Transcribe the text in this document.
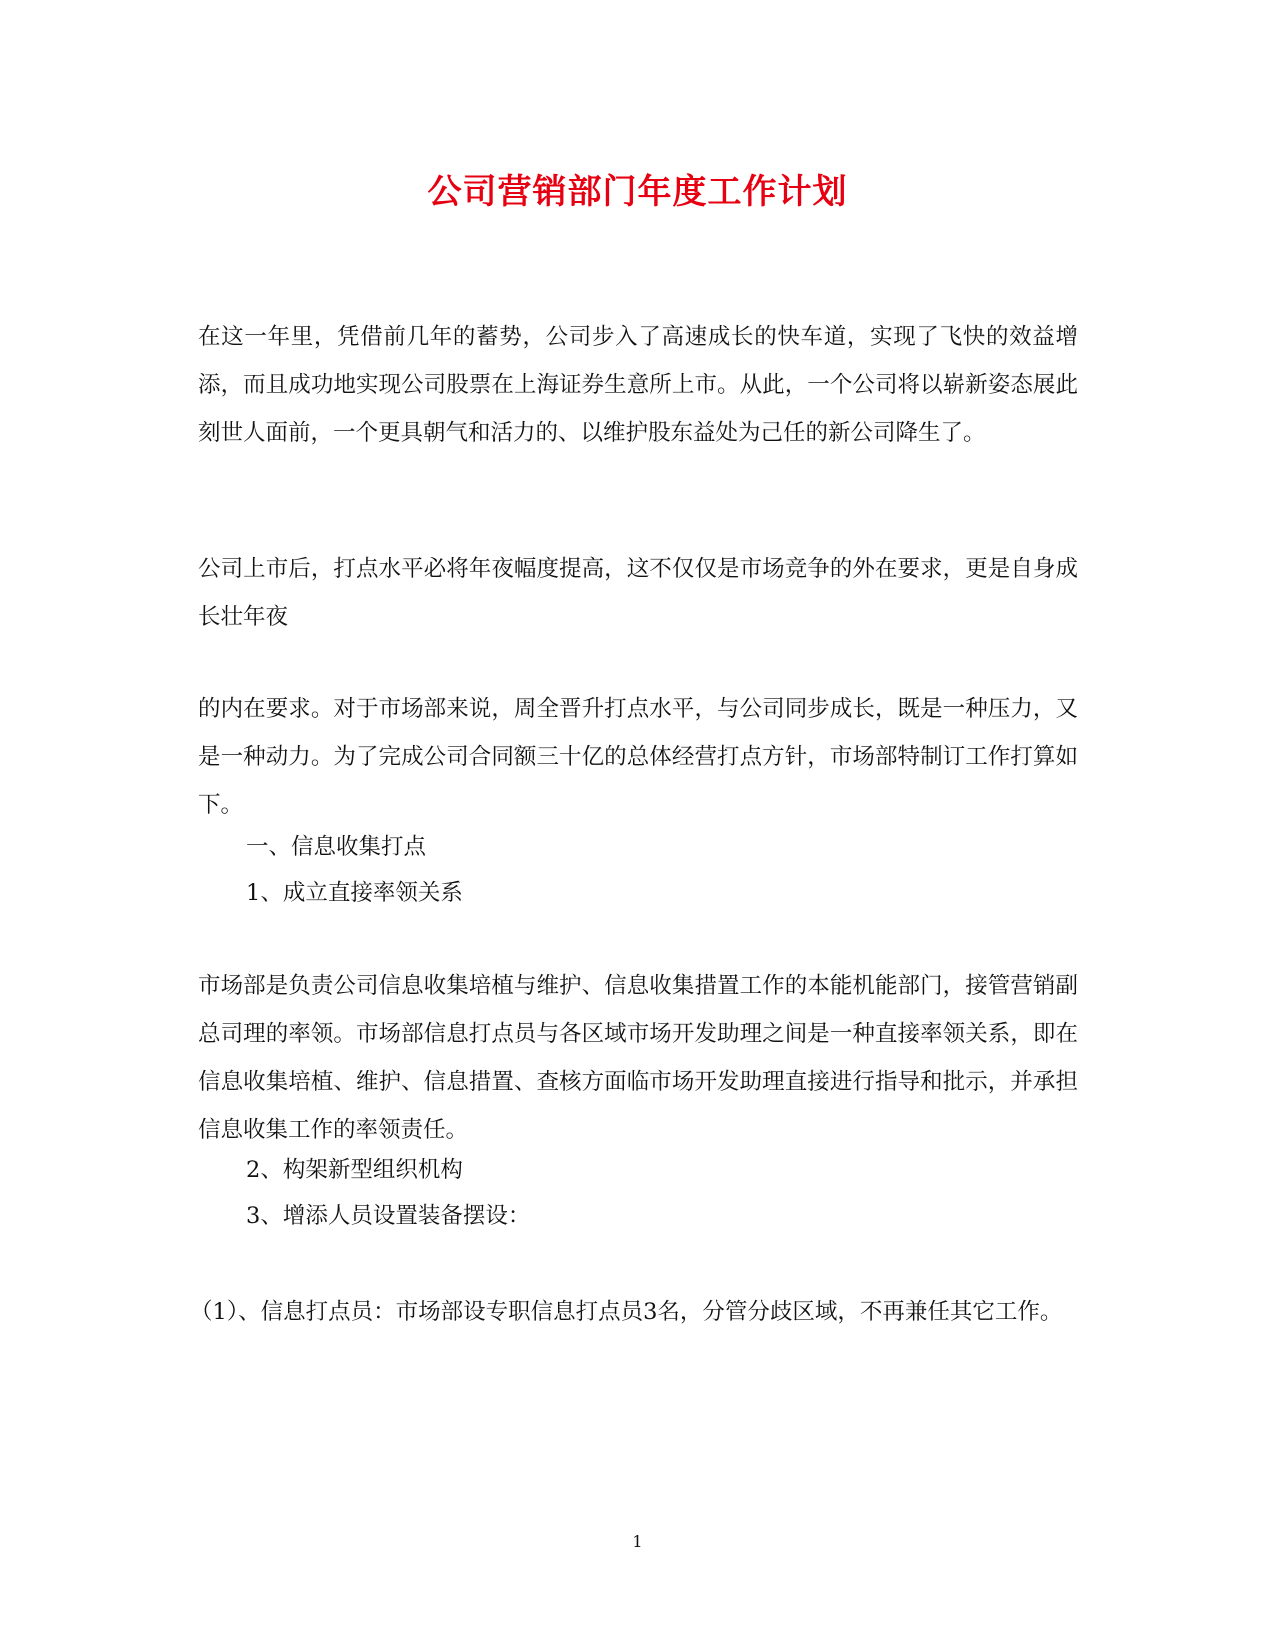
公司营销部门年度工作计划

在这一年里，凭借前几年的蓄势，公司步入了高速成长的快车道，实现了飞快的效益增添，而且成功地实现公司股票在上海证券生意所上市。从此，一个公司将以崭新姿态展此刻世人面前，一个更具朝气和活力的、以维护股东益处为己任的新公司降生了。

公司上市后，打点水平必将年夜幅度提高，这不仅仅是市场竞争的外在要求，更是自身成长壮年夜

的内在要求。对于市场部来说，周全晋升打点水平，与公司同步成长，既是一种压力，又是一种动力。为了完成公司合同额三十亿的总体经营打点方针，市场部特制订工作打算如下。

一、信息收集打点

1、成立直接率领关系

市场部是负责公司信息收集培植与维护、信息收集措置工作的本能机能部门，接管营销副总司理的率领。市场部信息打点员与各区域市场开发助理之间是一种直接率领关系，即在信息收集培植、维护、信息措置、查核方面临市场开发助理直接进行指导和批示，并承担信息收集工作的率领责任。

2、构架新型组织机构

3、增添人员设置装备摆设：

（1）、信息打点员：市场部设专职信息打点员3名，分管分歧区域，不再兼任其它工作。

1
